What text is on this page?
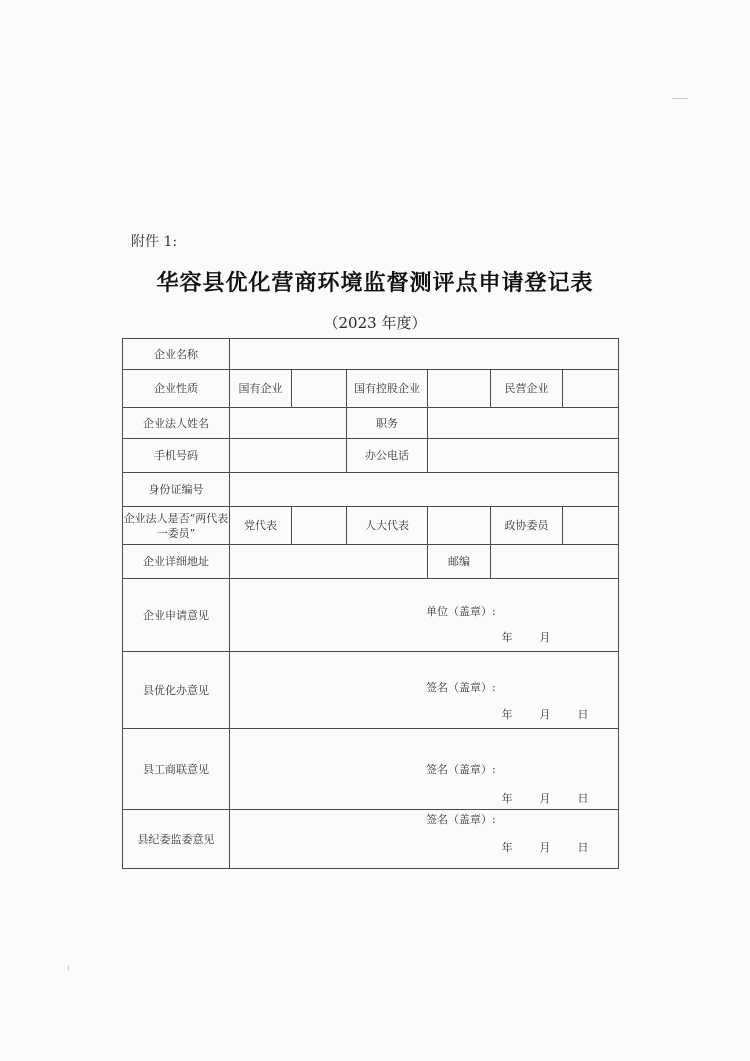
附件 1:
华容县优化营商环境监督测评点申请登记表
（2023 年度）
企业名称						
企业性质	国有企业		国有控股企业		民营企业	
企业法人姓名			职务			
手机号码			办公电话			
身份证编号						
企业法人是否“两代表一委员”	党代表		人大代表		政协委员	
企业详细地址				邮编		
企业申请意见	单位（盖章）:
年 月					

县优化办意见	签名（盖章）:
年 月 日					

县工商联意见	签名（盖章）:
年 月 日					

县纪委监委意见	签名（盖章）:
年 月 日					
